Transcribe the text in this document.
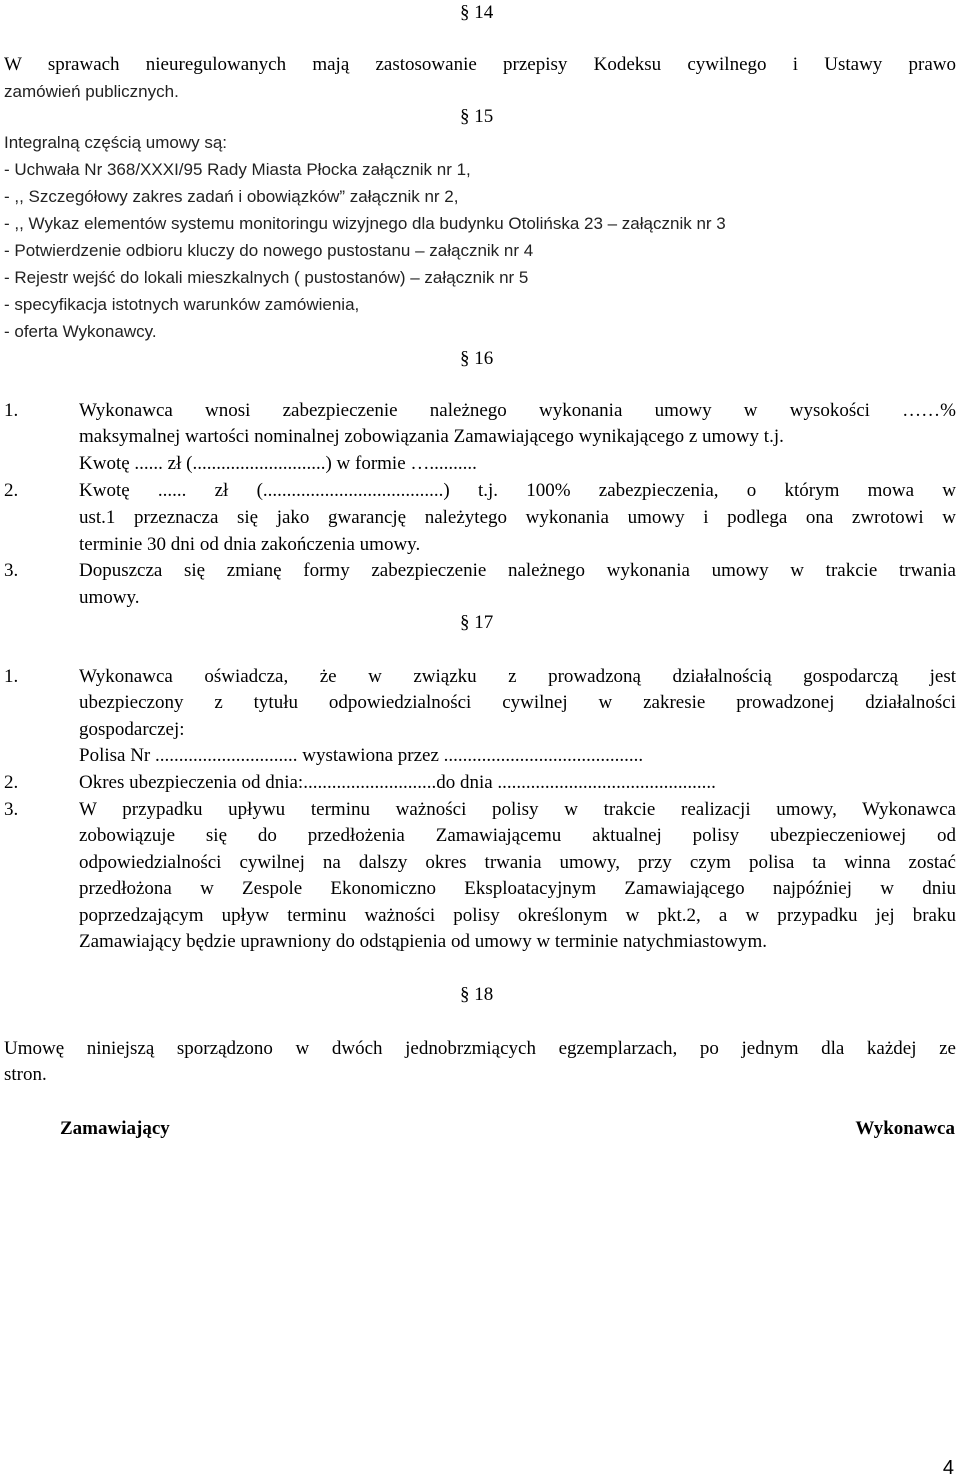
§ 14
W sprawach nieuregulowanych mają zastosowanie przepisy Kodeksu cywilnego i Ustawy prawo
zamówień publicznych.
§ 15
Integralną częścią umowy są:
- Uchwała Nr 368/XXXI/95 Rady Miasta Płocka załącznik nr 1,
- ,, Szczegółowy zakres zadań i obowiązków” załącznik nr 2,
- ,, Wykaz elementów systemu monitoringu wizyjnego dla budynku Otolińska 23 – załącznik nr 3
- Potwierdzenie odbioru kluczy do nowego pustostanu – załącznik nr 4
- Rejestr wejść do lokali mieszkalnych ( pustostanów) – załącznik nr 5
- specyfikacja istotnych warunków zamówienia,
- oferta Wykonawcy.
§ 16
1.	Wykonawca wnosi zabezpieczenie należnego wykonania umowy w wysokości ……%
maksymalnej wartości nominalnej zobowiązania Zamawiającego wynikającego z umowy t.j.
Kwotę ...... zł (............................) w formie …..........
2.	Kwotę ...... zł (......................................) t.j. 100% zabezpieczenia, o którym mowa w
ust.1 przeznacza się jako gwarancję należytego wykonania umowy i podlega ona zwrotowi w
terminie 30 dni od dnia zakończenia umowy.
3.	Dopuszcza się zmianę formy zabezpieczenie należnego wykonania umowy w trakcie trwania
umowy.
§ 17
1.	Wykonawca oświadcza, że w związku z prowadzoną działalnością gospodarczą jest
ubezpieczony z tytułu odpowiedzialności cywilnej w zakresie prowadzonej działalności
gospodarczej:
Polisa Nr .............................. wystawiona przez ..........................................
2.	Okres ubezpieczenia od dnia:............................do dnia ..............................................
3.	W przypadku upływu terminu ważności polisy w trakcie realizacji umowy, Wykonawca
zobowiązuje się do przedłożenia Zamawiającemu aktualnej polisy ubezpieczeniowej od
odpowiedzialności cywilnej na dalszy okres trwania umowy, przy czym polisa ta winna zostać
przedłożona w Zespole Ekonomiczno Eksploatacyjnym Zamawiającego najpóźniej w dniu
poprzedzającym upływ terminu ważności polisy określonym w pkt.2, a w przypadku jej braku
Zamawiający będzie uprawniony do odstąpienia od umowy w terminie natychmiastowym.
§ 18
Umowę niniejszą sporządzono w dwóch jednobrzmiących egzemplarzach, po jednym dla każdej ze
stron.
Zamawiający	Wykonawca
4
